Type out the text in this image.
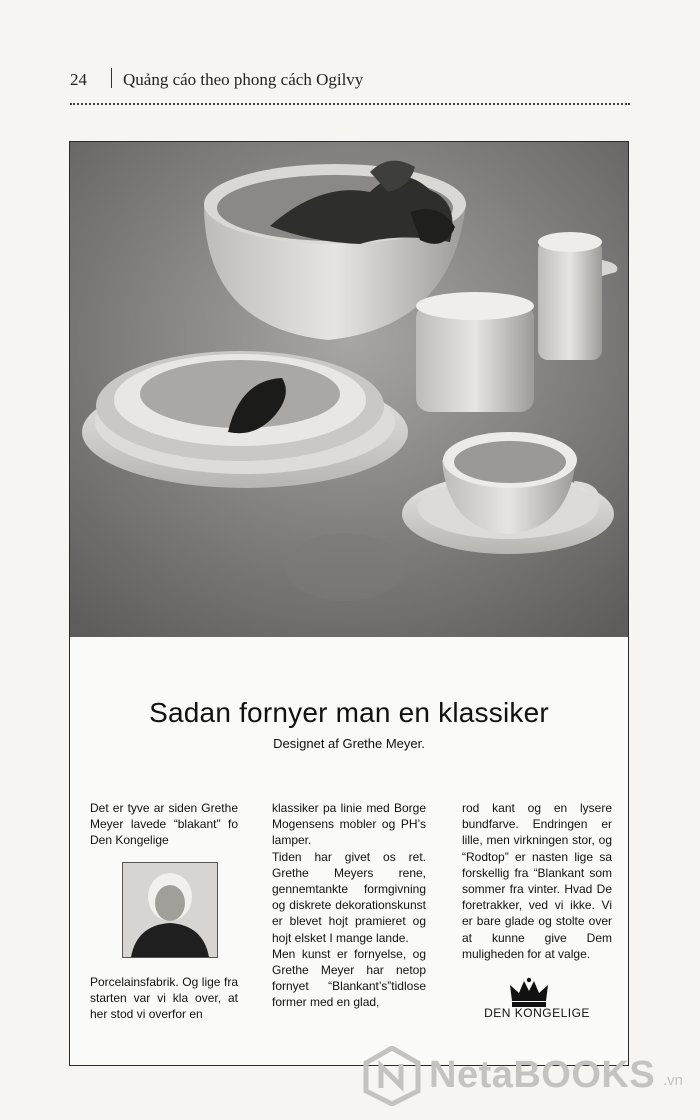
24 Quảng cáo theo phong cách Ogilvy
Sadan fornyer man en klassiker
Designet af Grethe Meyer.

Det er tyve ar siden Grethe Meyer lavede “blakant” fo Den Kongelige

Porcelainsfabrik. Og lige fra starten var vi kla over, at her stod vi overfor en

klassiker pa linie med Borge Mogensens mobler og PH’s lamper.

Tiden har givet os ret. Grethe Meyers rene, gennemtankte formgivning og diskrete dekorationskunst er blevet hojt pramieret og hojt elsket I mange lande.

Men kunst er fornyelse, og Grethe Meyer har netop fornyet “Blankant’s”tidlose former med en glad,

rod kant og en lysere bundfarve. Endringen er lille, men virkningen stor, og “Rodtop” er nasten lige sa forskellig fra “Blankant som sommer fra vinter. Hvad De foretrakker, ved vi ikke. Vi er bare glade og stolte over at kunne give Dem muligheden for at valge.

DEN KONGELIGE
NetaBOOKS .vn
